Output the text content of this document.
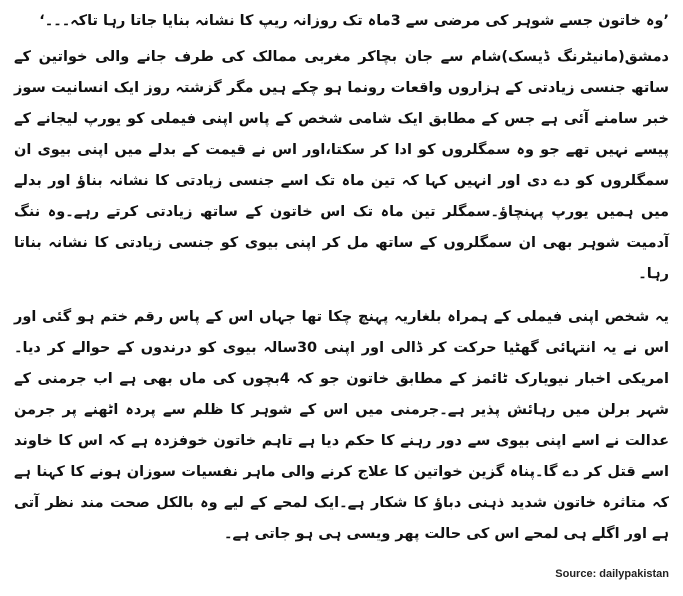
’وہ خاتون جسے شوہر کی مرضی سے 3ماہ تک روزانہ ریپ کا نشانہ بنایا جاتا رہا تاکہ۔۔۔‘

دمشق(مانیٹرنگ ڈیسک)شام سے جان بچاکر مغربی ممالک کی طرف جانے والی خواتین کے ساتھ جنسی زیادتی کے ہزاروں واقعات رونما ہو چکے ہیں مگر گزشتہ روز ایک انسانیت سوز خبر سامنے آئی ہے جس کے مطابق ایک شامی شخص کے پاس اپنی فیملی کو یورپ لیجانے کے پیسے نہیں تھے جو وہ سمگلروں کو ادا کر سکتا،اور اس نے قیمت کے بدلے میں اپنی بیوی ان سمگلروں کو دے دی اور انہیں کہا کہ تین ماہ تک اسے جنسی زیادتی کا نشانہ بناﺅ اور بدلے میں ہمیں یورپ پہنچاﺅ۔سمگلر تین ماہ تک اس خاتون کے ساتھ زیادتی کرتے رہے۔وہ ننگ آدمیت شوہر بھی ان سمگلروں کے ساتھ مل کر اپنی بیوی کو جنسی زیادتی کا نشانہ بناتا رہا۔

یہ شخص اپنی فیملی کے ہمراہ بلغاریہ پہنچ چکا تھا جہاں اس کے پاس رقم ختم ہو گئی اور اس نے یہ انتہائی گھٹیا حرکت کر ڈالی اور اپنی 30سالہ بیوی کو درندوں کے حوالے کر دیا۔امریکی اخبار نیویارک ٹائمز کے مطابق خاتون جو کہ 4بچوں کی ماں بھی ہے اب جرمنی کے شہر برلن میں رہائش پذیر ہے۔جرمنی میں اس کے شوہر کا ظلم سے پردہ اٹھنے پر جرمن عدالت نے اسے اپنی بیوی سے دور رہنے کا حکم دیا ہے تاہم خاتون خوفزدہ ہے کہ اس کا خاوند اسے قتل کر دے گا۔پناہ گزین خواتین کا علاج کرنے والی ماہر نفسیات سوزان ہونے کا کہنا ہے کہ متاثرہ خاتون شدید ذہنی دباﺅ کا شکار ہے۔ایک لمحے کے لیے وہ بالکل صحت مند نظر آتی ہے اور اگلے ہی لمحے اس کی حالت پھر ویسی ہی ہو جاتی ہے۔

Source: dailypakistan
